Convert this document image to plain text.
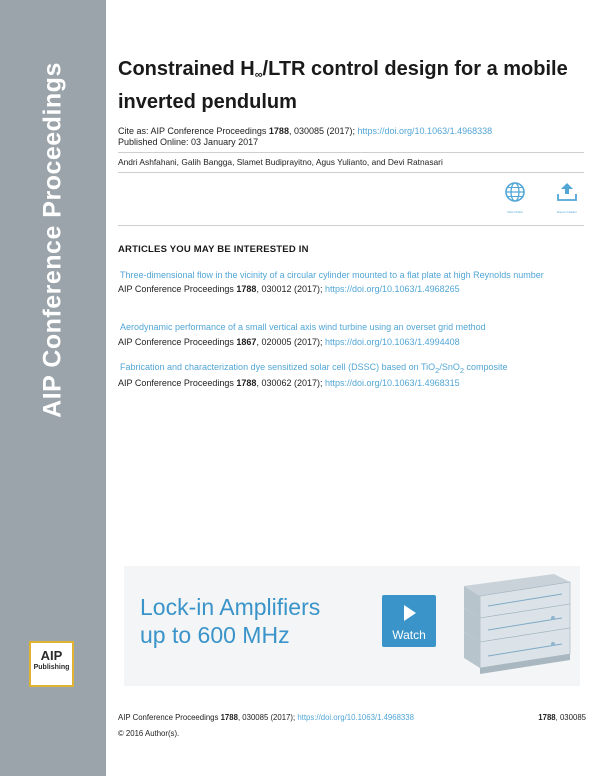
AIP Conference Proceedings
AIP
Publishing
Constrained $H_\infty$/LTR control design for a mobile inverted pendulum
Cite as: AIP Conference Proceedings 1788, 030085 (2017); https://doi.org/10.1063/1.4968338
Published Online: 03 January 2017
Andri Ashfahani, Galih Bangga, Slamet Budiprayitno, Agus Yulianto, and Devi Ratnasari
View Online	Export Citation
ARTICLES YOU MAY BE INTERESTED IN
Three-dimensional flow in the vicinity of a circular cylinder mounted to a flat plate at high Reynolds number
AIP Conference Proceedings 1788, 030012 (2017); https://doi.org/10.1063/1.4968265
Aerodynamic performance of a small vertical axis wind turbine using an overset grid method
AIP Conference Proceedings 1867, 020005 (2017); https://doi.org/10.1063/1.4994408
Fabrication and characterization dye sensitized solar cell (DSSC) based on TiO$_2$/SnO$_2$ composite
AIP Conference Proceedings 1788, 030062 (2017); https://doi.org/10.1063/1.4968315
Lock-in Amplifiers
up to 600 MHz	Watch
AIP Conference Proceedings 1788, 030085 (2017); https://doi.org/10.1063/1.4968338	1788, 030085
© 2016 Author(s).
